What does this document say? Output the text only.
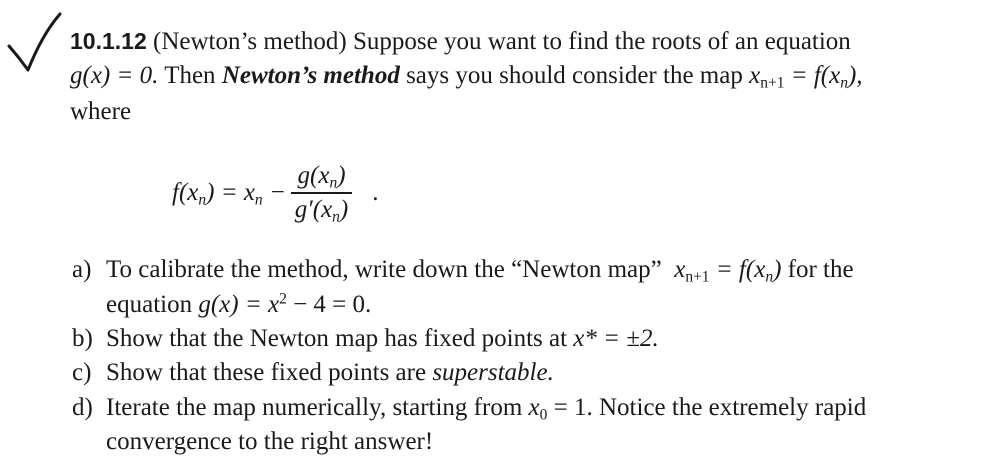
10.1.12 (Newton’s method) Suppose you want to find the roots of an equation
g(x) = 0. Then Newton’s method says you should consider the map $x_{n+1} = f(x_n)$,
where
$f(x_n) = x_n - \frac{g(x_n)}{g'(x_n)}$ .
a) To calibrate the method, write down the “Newton map” $x_{n+1} = f(x_n)$ for the
equation $g(x) = x^2 - 4 = 0$.
b) Show that the Newton map has fixed points at x* = ±2.
c) Show that these fixed points are superstable.
d) Iterate the map numerically, starting from $x_0 = 1$. Notice the extremely rapid
convergence to the right answer!
